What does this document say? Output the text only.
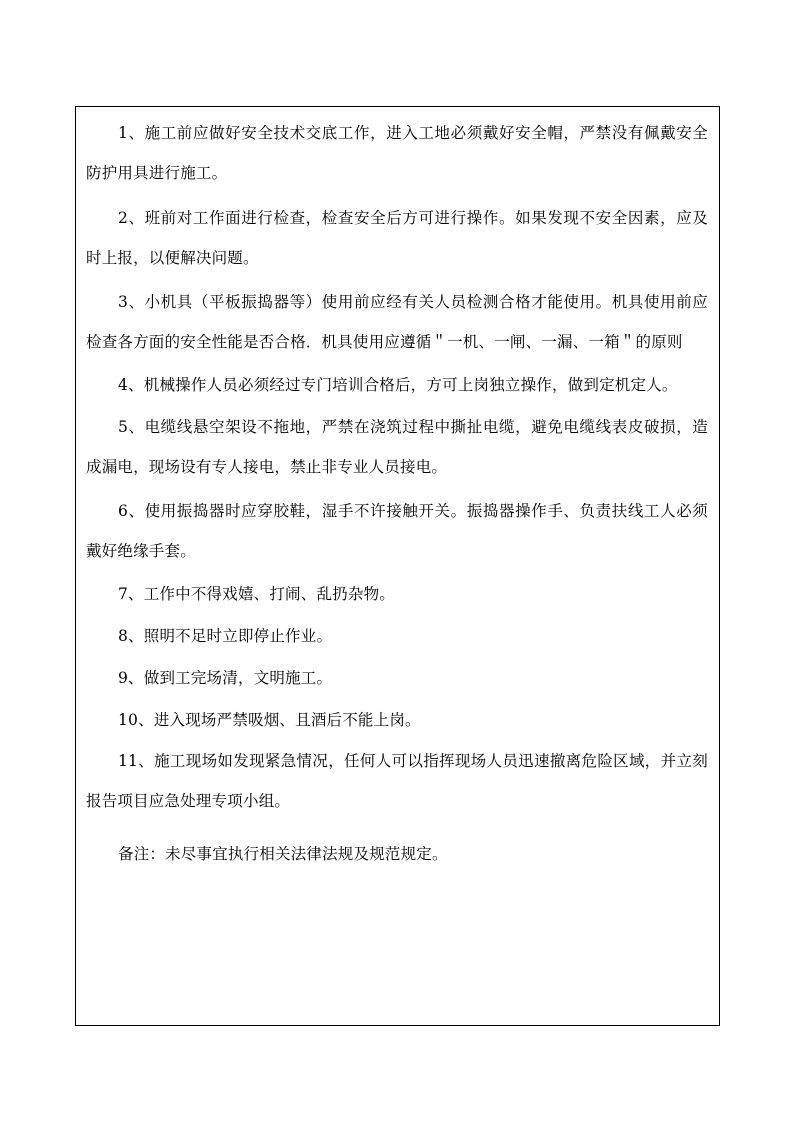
1、施工前应做好安全技术交底工作，进入工地必须戴好安全帽，严禁没有佩戴安全防护用具进行施工。

2、班前对工作面进行检查，检查安全后方可进行操作。如果发现不安全因素，应及时上报，以便解决问题。

3、小机具（平板振捣器等）使用前应经有关人员检测合格才能使用。机具使用前应检查各方面的安全性能是否合格．机具使用应遵循＂一机、一闸、一漏、一箱＂的原则

4、机械操作人员必须经过专门培训合格后，方可上岗独立操作，做到定机定人。

5、电缆线悬空架设不拖地，严禁在浇筑过程中撕扯电缆，避免电缆线表皮破损，造成漏电，现场设有专人接电，禁止非专业人员接电。

6、使用振捣器时应穿胶鞋，湿手不许接触开关。振捣器操作手、负责扶线工人必须戴好绝缘手套。

7、工作中不得戏嬉、打闹、乱扔杂物。

8、照明不足时立即停止作业。

9、做到工完场清，文明施工。

10、进入现场严禁吸烟、且酒后不能上岗。

11、施工现场如发现紧急情况，任何人可以指挥现场人员迅速撤离危险区域，并立刻报告项目应急处理专项小组。

备注：未尽事宜执行相关法律法规及规范规定。
